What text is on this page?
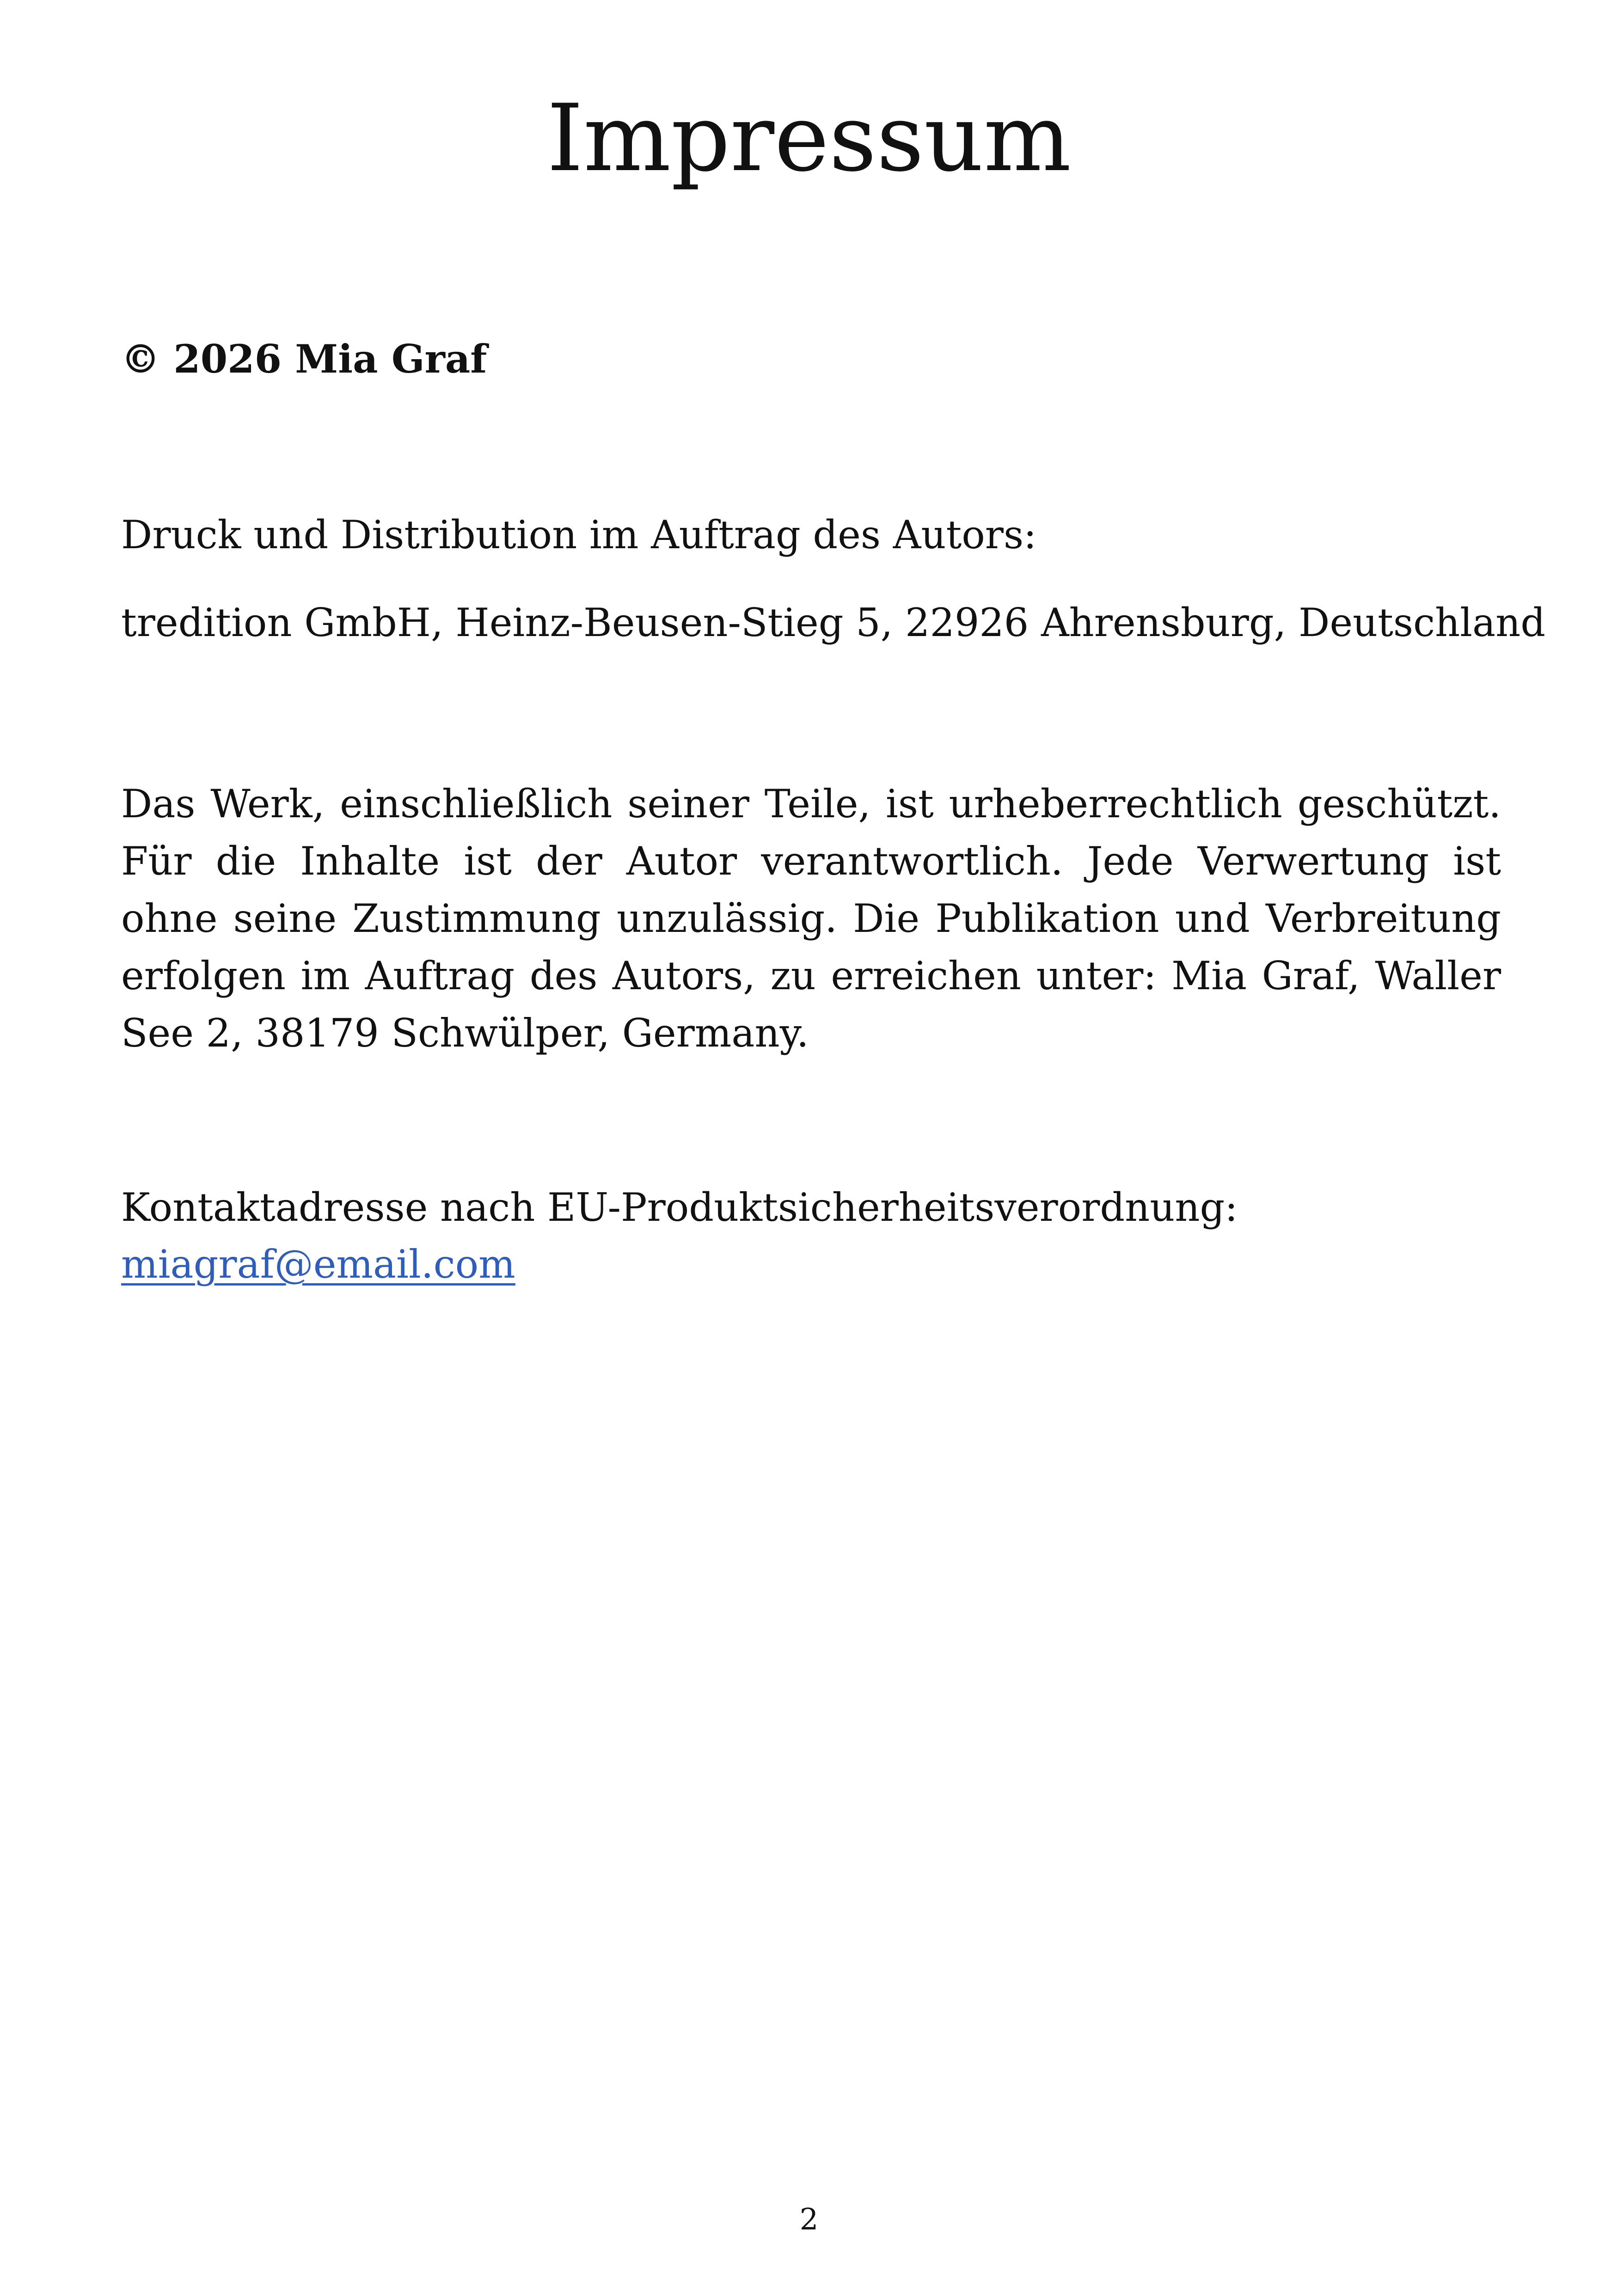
Impressum

© 2026 Mia Graf

Druck und Distribution im Auftrag des Autors:

tredition GmbH, Heinz-Beusen-Stieg 5, 22926 Ahrensburg, Deutschland

Das Werk, einschließlich seiner Teile, ist urheberrechtlich geschützt. Für die Inhalte ist der Autor verantwortlich. Jede Verwertung ist ohne seine Zustimmung unzulässig. Die Publikation und Verbreitung erfolgen im Auftrag des Autors, zu erreichen unter: Mia Graf, Waller See 2, 38179 Schwülper, Germany.

Kontaktadresse nach EU-Produktsicherheitsverordnung:

miagraf@email.com

2
